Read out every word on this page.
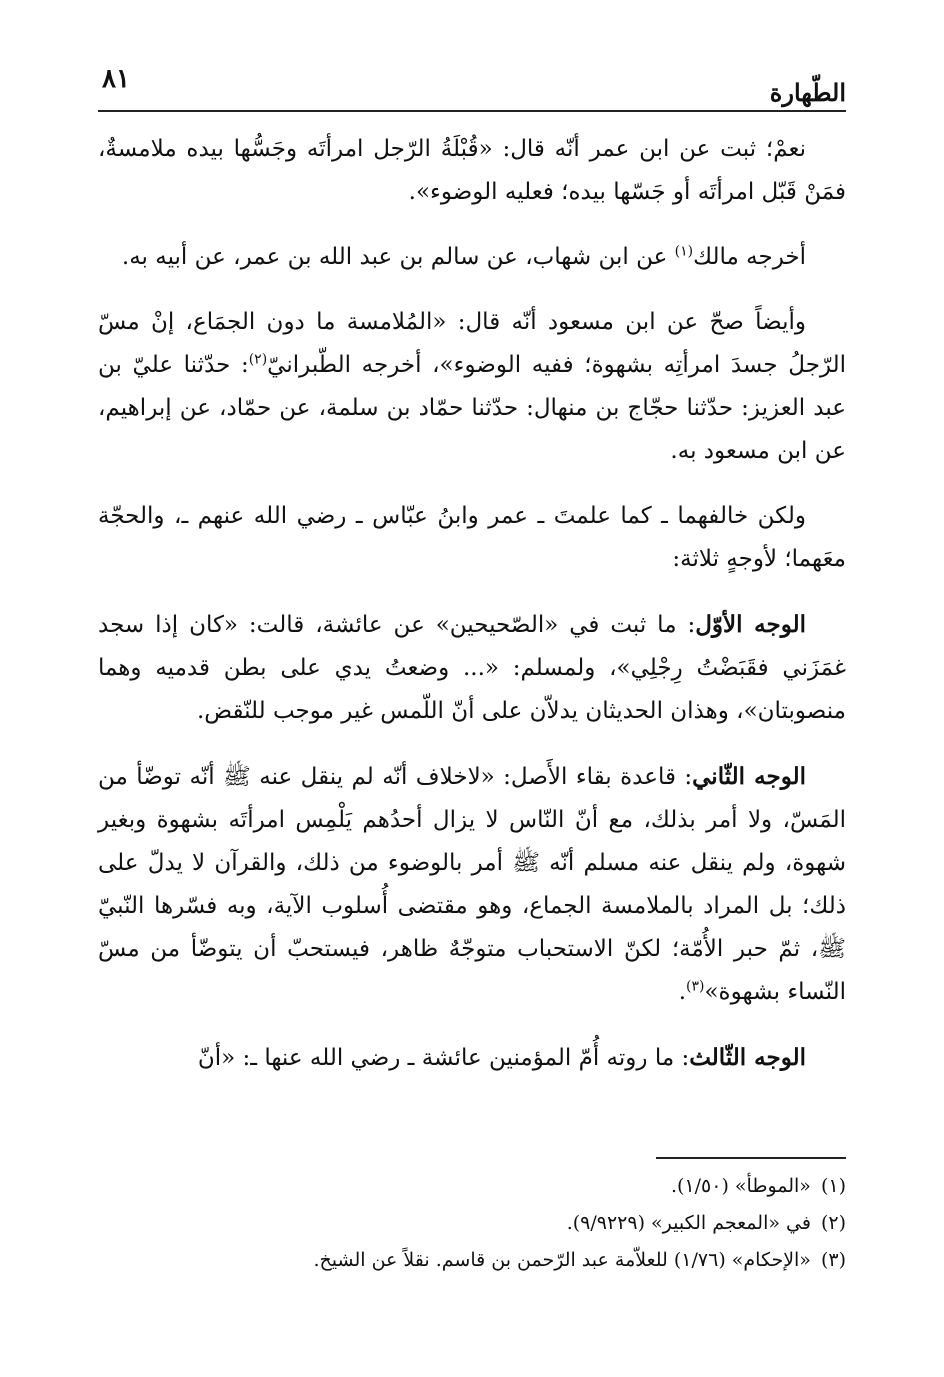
الطّهارة
٨١

نعمْ؛ ثبت عن ابن عمر أنّه قال: «قُبْلَةُ الرّجل امرأتَه وجَسُّها بيده ملامسةٌ، فمَنْ قَبّل امرأتَه أو جَسّها بيده؛ فعليه الوضوء».

أخرجه مالك$^{(١)}$ عن ابن شهاب، عن سالم بن عبد الله بن عمر، عن أبيه به.

وأيضاً صحّ عن ابن مسعود أنّه قال: «المُلامسة ما دون الجمَاع، إنْ مسّ الرّجلُ جسدَ امرأتِه بشهوة؛ ففيه الوضوء»، أخرجه الطّبرانيّ$^{(٢)}$: حدّثنا عليّ بن عبد العزيز: حدّثنا حجّاج بن منهال: حدّثنا حمّاد بن سلمة، عن حمّاد، عن إبراهيم، عن ابن مسعود به.

ولكن خالفهما ـ كما علمتَ ـ عمر وابنُ عبّاس ـ رضي الله عنهم ـ، والحجّة معَهما؛ لأوجهٍ ثلاثة:

الوجه الأوّل: ما ثبت في «الصّحيحين» عن عائشة، قالت: «كان إذا سجد غمَزَني فقَبَضْتُ رِجْلِي»، ولمسلم: «... وضعتُ يدي على بطن قدميه وهما منصوبتان»، وهذان الحديثان يدلاّن على أنّ اللّمس غير موجب للنّقض.

الوجه الثّاني: قاعدة بقاء الأَصل: «لاخلاف أنّه لم ينقل عنه ﷺ أنّه توضّأ من المَسّ، ولا أمر بذلك، مع أنّ النّاس لا يزال أحدُهم يَلْمِس امرأتَه بشهوة وبغير شهوة، ولم ينقل عنه مسلم أنّه ﷺ أمر بالوضوء من ذلك، والقرآن لا يدلّ على ذلك؛ بل المراد بالملامسة الجماع، وهو مقتضى أُسلوب الآية، وبه فسّرها النّبيّ ﷺ، ثمّ حبر الأُمّة؛ لكنّ الاستحباب متوجّهٌ ظاهر، فيستحبّ أن يتوضّأ من مسّ النّساء بشهوة»$^{(٣)}$.

الوجه الثّالث: ما روته أُمّ المؤمنين عائشة ـ رضي الله عنها ـ: «أنّ

(١)«الموطأ» (١/٥٠).

(٢)في «المعجم الكبير» (٩/٩٢٢٩).

(٣)«الإحكام» (١/٧٦) للعلاّمة عبد الرّحمن بن قاسم. نقلاً عن الشيخ.
